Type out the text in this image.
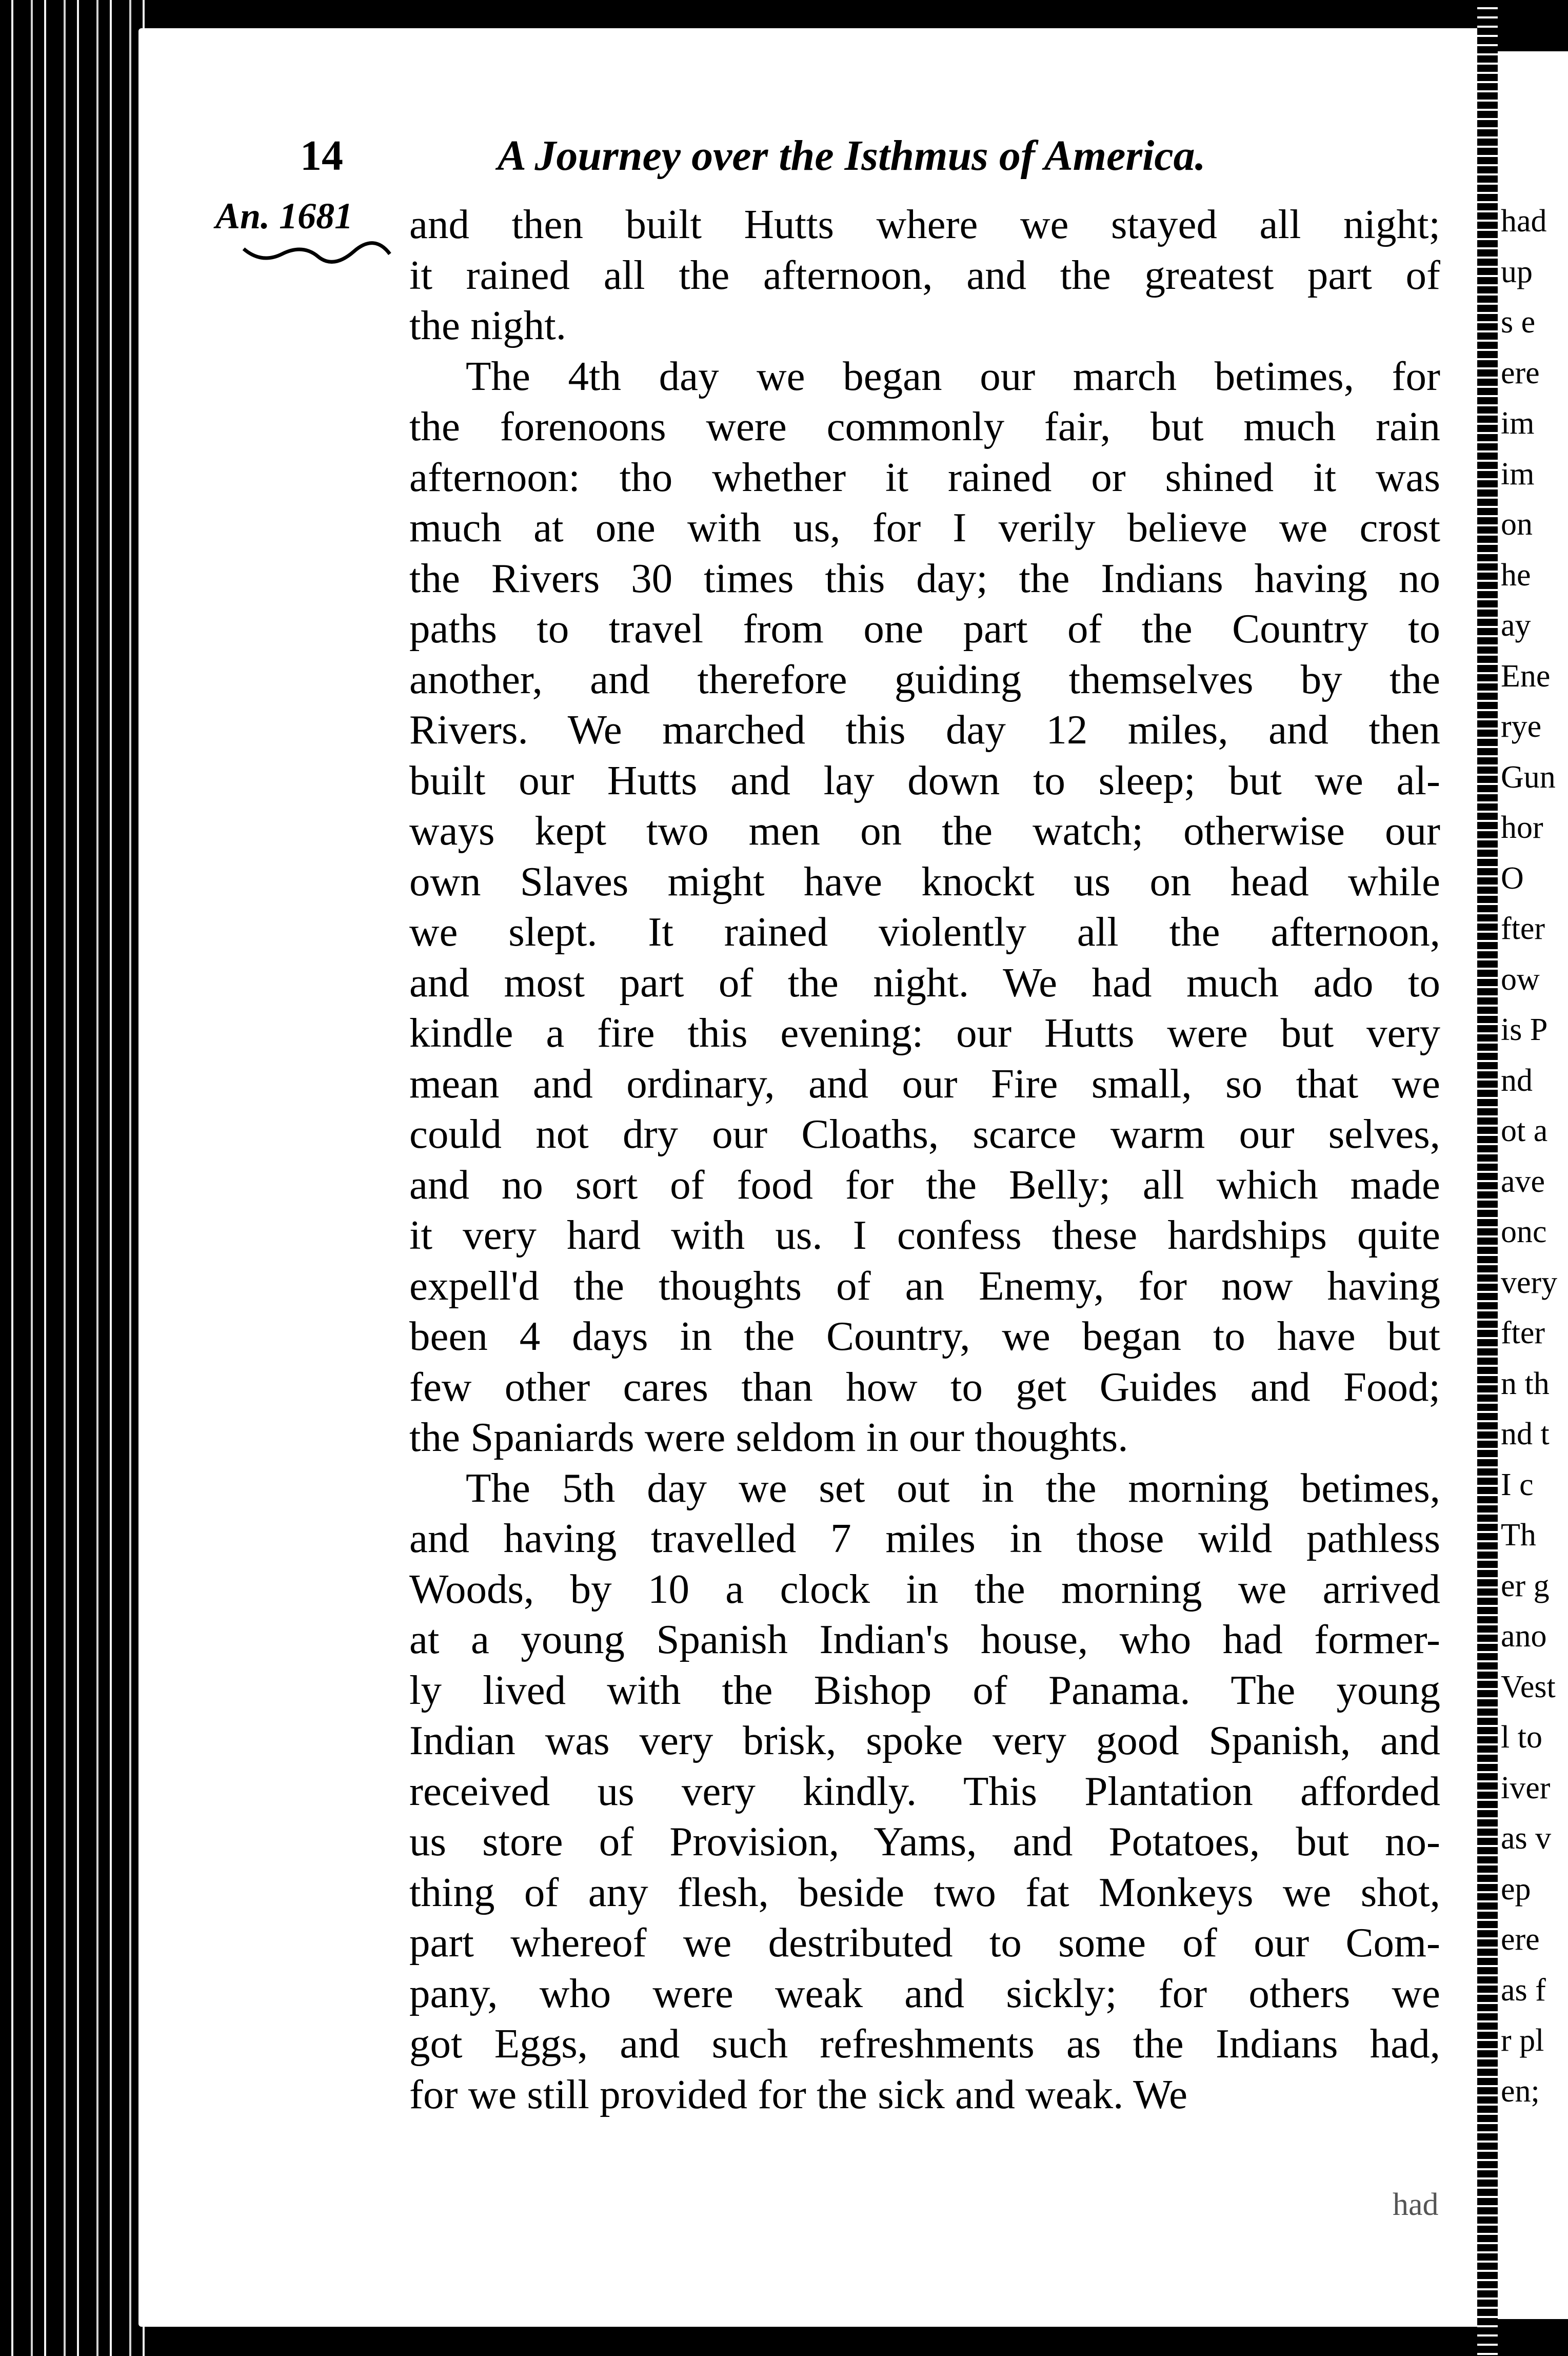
14	A Journey over the Isthmus of America.
An. 1681 and then built Hutts where we stayed all night;
it rained all the afternoon, and the greatest part of
the night.
The 4th day we began our march betimes, for
the forenoons were commonly fair, but much rain
afternoon: tho whether it rained or shined it was
much at one with us, for I verily believe we crost
the Rivers 30 times this day; the Indians having no
paths to travel from one part of the Country to
another, and therefore guiding themselves by the
Rivers. We marched this day 12 miles, and then
built our Hutts and lay down to sleep; but we al-
ways kept two men on the watch; otherwise our
own Slaves might have knockt us on head while
we slept. It rained violently all the afternoon,
and most part of the night. We had much ado to
kindle a fire this evening: our Hutts were but very
mean and ordinary, and our Fire small, so that we
could not dry our Cloaths, scarce warm our selves,
and no sort of food for the Belly; all which made
it very hard with us. I confess these hardships quite
expell'd the thoughts of an Enemy, for now having
been 4 days in the Country, we began to have but
few other cares than how to get Guides and Food;
the Spaniards were seldom in our thoughts.
The 5th day we set out in the morning betimes,
and having travelled 7 miles in those wild pathless
Woods, by 10 a clock in the morning we arrived
at a young Spanish Indian's house, who had former-
ly lived with the Bishop of Panama. The young
Indian was very brisk, spoke very good Spanish, and
received us very kindly. This Plantation afforded
us store of Provision, Yams, and Potatoes, but no-
thing of any flesh, beside two fat Monkeys we shot,
part whereof we destributed to some of our Com-
pany, who were weak and sickly; for others we
got Eggs, and such refreshments as the Indians had,
for we still provided for the sick and weak. We
had
had
up
s e
ere
im
im
on
he
ay
Ene
rye
Gun
hor
O
fter
ow
is P
nd
ot a
ave
onc
very
fter
n th
nd t
I c
Th
er g
ano
Vest
l to
iver
as v
ep
ere
as f
r pl
en;
